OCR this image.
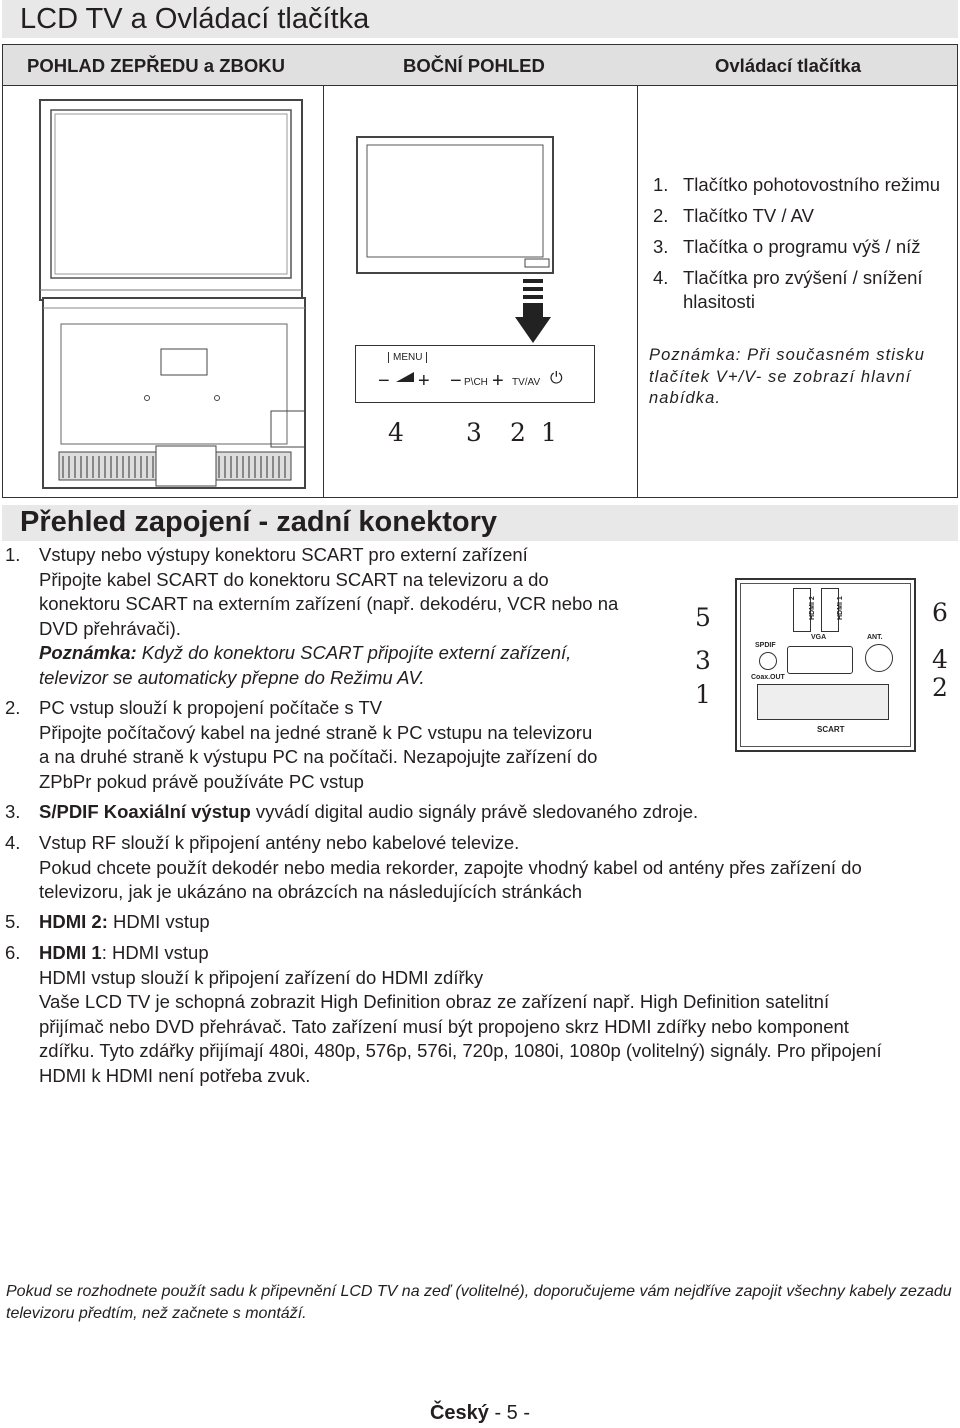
LCD TV a Ovládací tlačítka
POHLAD ZEPŘEDU a ZBOKU	BOČNÍ POHLED	Ovládací tlačítka
MENU
− + − P\CH + TV/AV ⏻
4 3 2 1
1. Tlačítko pohotovostního režimu
2. Tlačítko TV / AV
3. Tlačítka o programu výš / níž
4. Tlačítka pro zvýšení / snížení hlasitosti
Poznámka: Při současném stisku tlačítek V+/V- se zobrazí hlavní nabídka.
Přehled zapojení - zadní konektory
HDMI 2	HDMI 1
VGA
SPDIF
Coax.OUT
ANT.
SCART
5
3
1
6
4
2
1. Vstupy nebo výstupy konektoru SCART pro externí zařízení
Připojte kabel SCART do konektoru SCART na televizoru a do
konektoru SCART na externím zařízení (např. dekodéru, VCR nebo na
DVD přehrávači).
Poznámka: Když do konektoru SCART připojíte externí zařízení,
televizor se automaticky přepne do Režimu AV.
2. PC vstup slouží k propojení počítače s TV
Připojte počítačový kabel na jedné straně k PC vstupu na televizoru
a na druhé straně k výstupu PC na počítači. Nezapojujte zařízení do
ZPbPr pokud právě používáte PC vstup
3. S/PDIF Koaxiální výstup vyvádí digital audio signály právě sledovaného zdroje.
4. Vstup RF slouží k připojení antény nebo kabelové televize.
Pokud chcete použít dekodér nebo media rekorder, zapojte vhodný kabel od antény přes zařízení do
televizoru, jak je ukázáno na obrázcích na následujících stránkách
5. HDMI 2: HDMI vstup
6. HDMI 1: HDMI vstup
HDMI vstup slouží k připojení zařízení do HDMI zdířky
Vaše LCD TV je schopná zobrazit High Definition obraz ze zařízení např. High Definition satelitní
přijímač nebo DVD přehrávač. Tato zařízení musí být propojeno skrz HDMI zdířky nebo komponent
zdířku. Tyto zdářky přijímají 480i, 480p, 576p, 576i, 720p, 1080i, 1080p (volitelný) signály. Pro připojení
HDMI k HDMI není potřeba zvuk.
Pokud se rozhodnete použít sadu k připevnění LCD TV na zeď (volitelné), doporučujeme vám nejdříve zapojit všechny kabely zezadu televizoru předtím, než začnete s montáží.
Český - 5 -
